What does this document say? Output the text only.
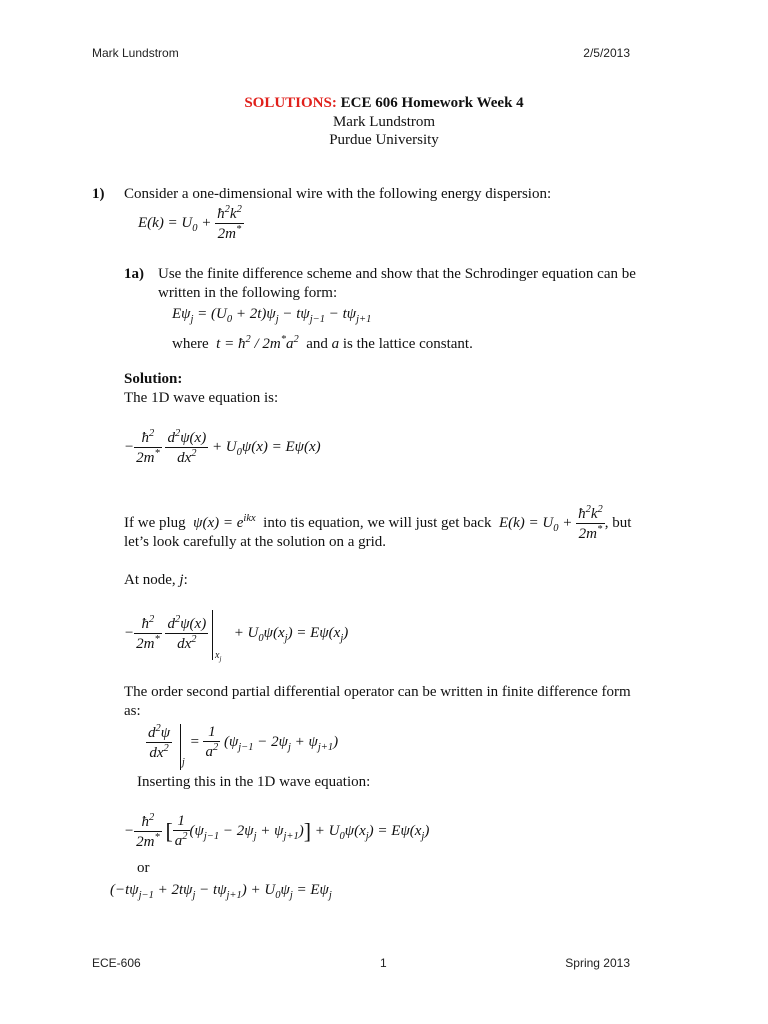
Mark Lundstrom	2/5/2013
SOLUTIONS: ECE 606 Homework Week 4
Mark Lundstrom
Purdue University
1) Consider a one-dimensional wire with the following energy dispersion:
$E(k) = U_0 + \frac{ħ^2k^2}{2m^*}$
1a) Use the finite difference scheme and show that the Schrodinger equation can be
written in the following form:
$E\psi_j = (U_0 + 2t)\psi_j - t\psi_{j-1} - t\psi_{j+1}$
where  $t = ħ^2 / 2m^*a^2$  and a is the lattice constant.
Solution:
The 1D wave equation is:
− $\frac{ħ^2}{2m^*}$
$\frac{d^2\psi(x)}{dx^2} + U_0\psi(x) = E\psi(x)$
If we plug  $\psi(x) = e^{ikx}$ into tis equation, we will just get back  $E(k) = U_0 + \frac{ħ^2k^2}{2m^*}$ , but
let’s look carefully at the solution on a grid.
At node, j:
− $\frac{ħ^2}{2m^*}$
$\frac{d^2\psi(x)}{dx^2} + U_0\psi(x_j) = E\psi(x_j)$
$x_j$
The order second partial differential operator can be written in finite difference form
as:
$\frac{d^2\psi}{dx^2} = \frac{1}{a^2} (\psi_{j-1} - 2\psi_j + \psi_{j+1})$
j
Inserting this in the 1D wave equation:
− $\frac{ħ^2}{2m^*}$ [ $\frac{1}{a^2} (\psi_{j-1} - 2\psi_j + \psi_{j+1})] + U_0\psi(x_j) = E\psi(x_j)$
or
$(-t\psi_{j-1} + 2t\psi_j - t\psi_{j+1}) + U_0\psi_j = E\psi_j$
ECE-606	1	Spring 2013
